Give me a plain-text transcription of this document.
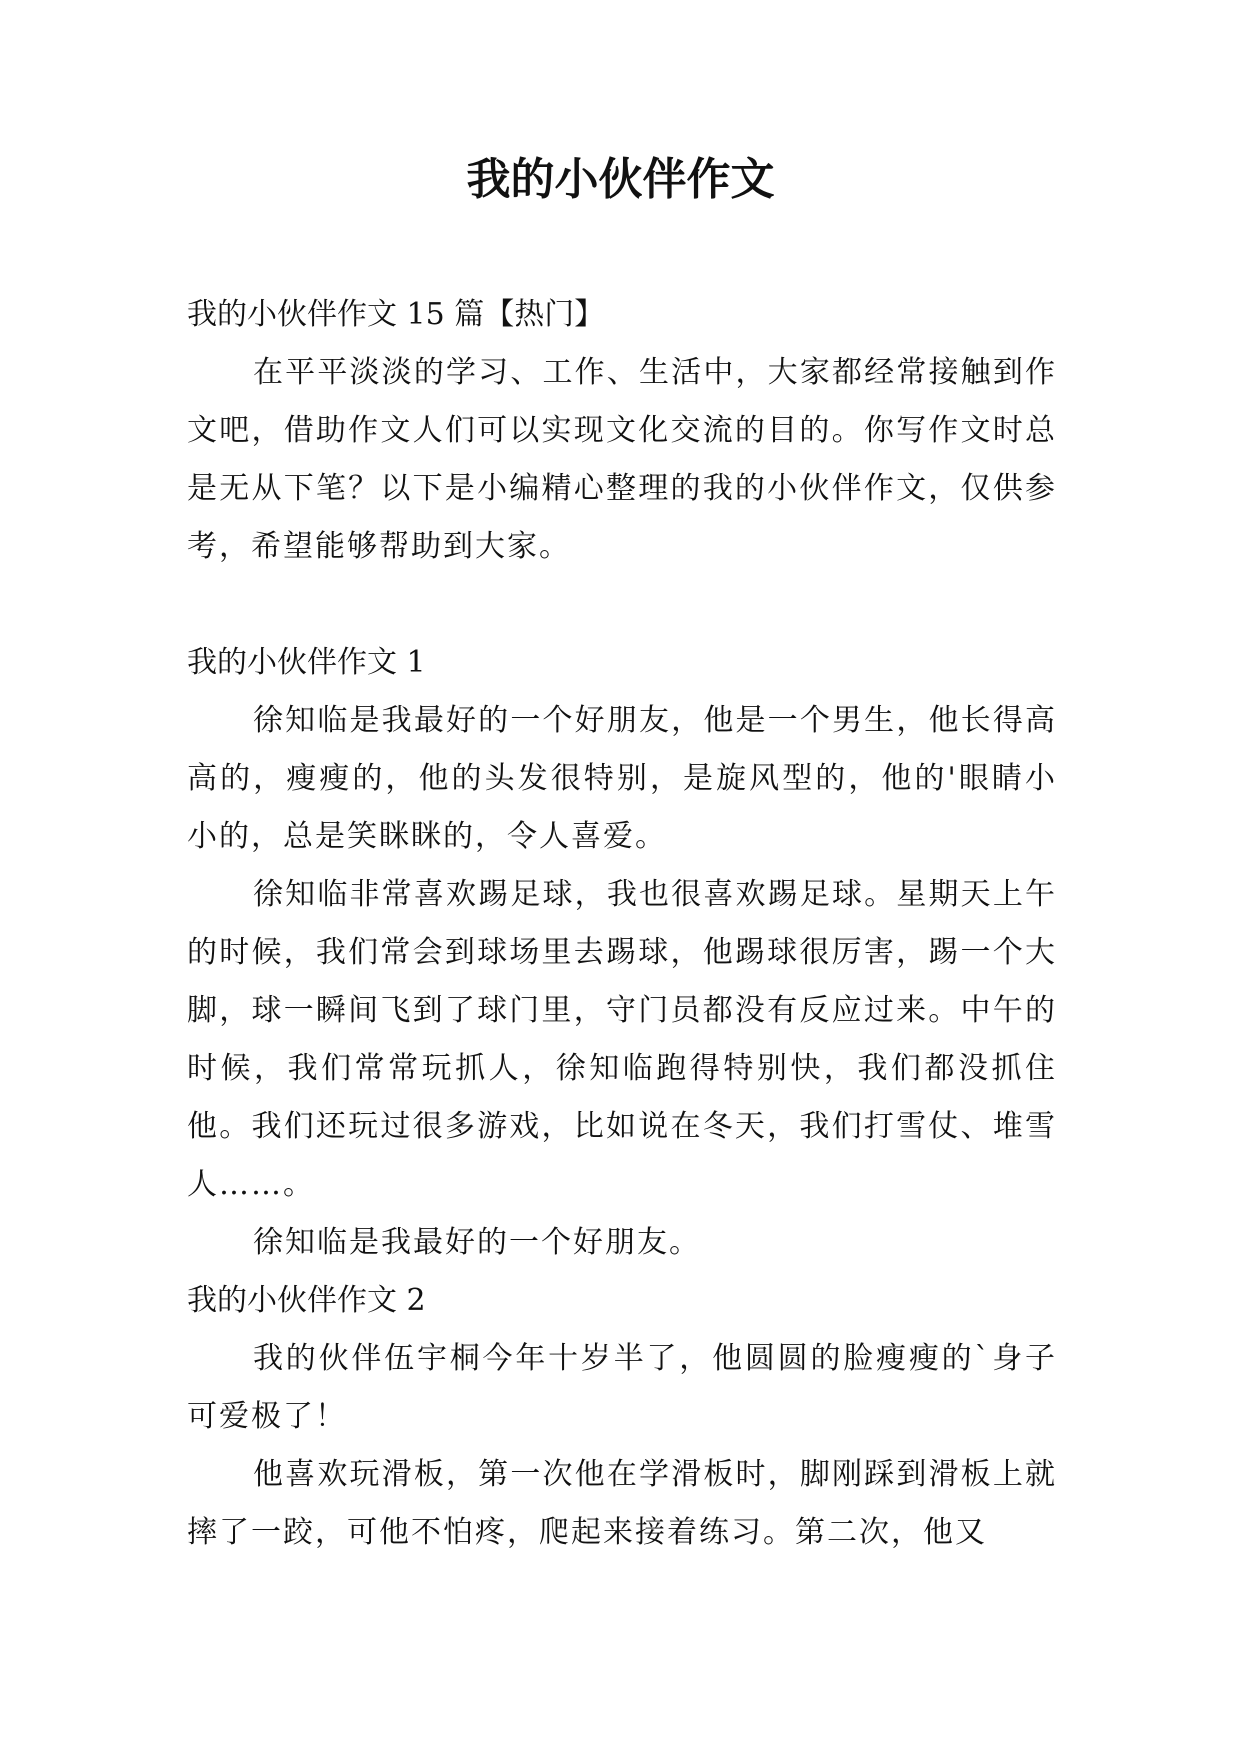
我的小伙伴作文

我的小伙伴作文 15 篇【热门】

在平平淡淡的学习、工作、生活中，大家都经常接触到作文吧，借助作文人们可以实现文化交流的目的。你写作文时总是无从下笔？以下是小编精心整理的我的小伙伴作文，仅供参考，希望能够帮助到大家。

我的小伙伴作文 1

徐知临是我最好的一个好朋友，他是一个男生，他长得高高的，瘦瘦的，他的头发很特别，是旋风型的，他的'眼睛小小的，总是笑眯眯的，令人喜爱。

徐知临非常喜欢踢足球，我也很喜欢踢足球。星期天上午的时候，我们常会到球场里去踢球，他踢球很厉害，踢一个大脚，球一瞬间飞到了球门里，守门员都没有反应过来。中午的时候，我们常常玩抓人，徐知临跑得特别快，我们都没抓住他。我们还玩过很多游戏，比如说在冬天，我们打雪仗、堆雪人……。

徐知临是我最好的一个好朋友。

我的小伙伴作文 2

我的伙伴伍宇桐今年十岁半了，他圆圆的脸瘦瘦的`身子可爱极了！

他喜欢玩滑板，第一次他在学滑板时，脚刚踩到滑板上就摔了一跤，可他不怕疼，爬起来接着练习。第二次，他又
